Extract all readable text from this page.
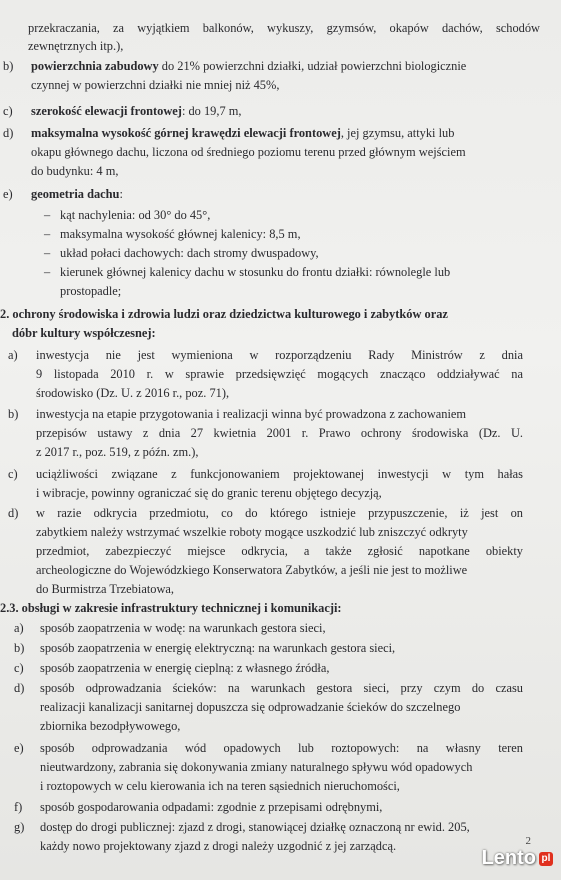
przekraczania, za wyjątkiem balkonów, wykuszy, gzymsów, okapów dachów, schodów
zewnętrznych itp.),
b) powierzchnia zabudowy do 21% powierzchni działki, udział powierzchni biologicznie
czynnej w powierzchni działki nie mniej niż 45%,
c) szerokość elewacji frontowej: do 19,7 m,
d) maksymalna wysokość górnej krawędzi elewacji frontowej, jej gzymsu, attyki lub
okapu głównego dachu, liczona od średniego poziomu terenu przed głównym wejściem
do budynku: 4 m,
e) geometria dachu:
– kąt nachylenia: od 30° do 45°,
– maksymalna wysokość głównej kalenicy: 8,5 m,
– układ połaci dachowych: dach stromy dwuspadowy,
– kierunek głównej kalenicy dachu w stosunku do frontu działki: równolegle lub
prostopadle;
2. ochrony środowiska i zdrowia ludzi oraz dziedzictwa kulturowego i zabytków oraz
dóbr kultury współczesnej:
a) inwestycja nie jest wymieniona w rozporządzeniu Rady Ministrów z dnia
9 listopada 2010 r. w sprawie przedsięwzięć mogących znacząco oddziaływać na
środowisko (Dz. U. z 2016 r., poz. 71),
b) inwestycja na etapie przygotowania i realizacji winna być prowadzona z zachowaniem
przepisów ustawy z dnia 27 kwietnia 2001 r. Prawo ochrony środowiska (Dz. U.
z 2017 r., poz. 519, z późn. zm.),
c) uciążliwości związane z funkcjonowaniem projektowanej inwestycji w tym hałas
i wibracje, powinny ograniczać się do granic terenu objętego decyzją,
d) w razie odkrycia przedmiotu, co do którego istnieje przypuszczenie, iż jest on
zabytkiem należy wstrzymać wszelkie roboty mogące uszkodzić lub zniszczyć odkryty
przedmiot, zabezpieczyć miejsce odkrycia, a także zgłosić napotkane obiekty
archeologiczne do Wojewódzkiego Konserwatora Zabytków, a jeśli nie jest to możliwe
do Burmistrza Trzebiatowa,
2.3. obsługi w zakresie infrastruktury technicznej i komunikacji:
a) sposób zaopatrzenia w wodę: na warunkach gestora sieci,
b) sposób zaopatrzenia w energię elektryczną: na warunkach gestora sieci,
c) sposób zaopatrzenia w energię cieplną: z własnego źródła,
d) sposób odprowadzania ścieków: na warunkach gestora sieci, przy czym do czasu
realizacji kanalizacji sanitarnej dopuszcza się odprowadzanie ścieków do szczelnego
zbiornika bezodpływowego,
e) sposób odprowadzania wód opadowych lub roztopowych: na własny teren
nieutwardzony, zabrania się dokonywania zmiany naturalnego spływu wód opadowych
i roztopowych w celu kierowania ich na teren sąsiednich nieruchomości,
f) sposób gospodarowania odpadami: zgodnie z przepisami odrębnymi,
g) dostęp do drogi publicznej: zjazd z drogi, stanowiącej działkę oznaczoną nr ewid. 205,
każdy nowo projektowany zjazd z drogi należy uzgodnić z jej zarządcą.	2
Lento pl
